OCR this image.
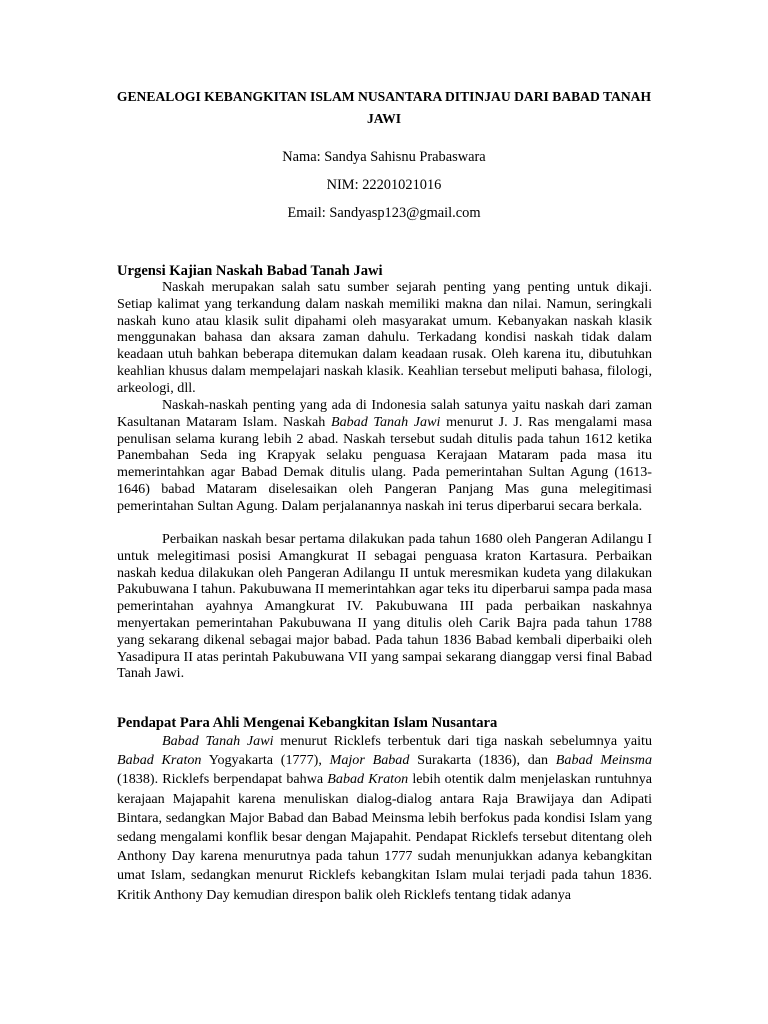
GENEALOGI KEBANGKITAN ISLAM NUSANTARA DITINJAU DARI BABAD TANAH JAWI
Nama: Sandya Sahisnu Prabaswara
NIM: 22201021016
Email: Sandyasp123@gmail.com
Urgensi Kajian Naskah Babad Tanah Jawi

Naskah merupakan salah satu sumber sejarah penting yang penting untuk dikaji. Setiap kalimat yang terkandung dalam naskah memiliki makna dan nilai. Namun, seringkali naskah kuno atau klasik sulit dipahami oleh masyarakat umum. Kebanyakan naskah klasik menggunakan bahasa dan aksara zaman dahulu. Terkadang kondisi naskah tidak dalam keadaan utuh bahkan beberapa ditemukan dalam keadaan rusak. Oleh karena itu, dibutuhkan keahlian khusus dalam mempelajari naskah klasik. Keahlian tersebut meliputi bahasa, filologi, arkeologi, dll.

Naskah-naskah penting yang ada di Indonesia salah satunya yaitu naskah dari zaman Kasultanan Mataram Islam. Naskah Babad Tanah Jawi menurut J. J. Ras mengalami masa penulisan selama kurang lebih 2 abad. Naskah tersebut sudah ditulis pada tahun 1612 ketika Panembahan Seda ing Krapyak selaku penguasa Kerajaan Mataram pada masa itu memerintahkan agar Babad Demak ditulis ulang. Pada pemerintahan Sultan Agung (1613-1646) babad Mataram diselesaikan oleh Pangeran Panjang Mas guna melegitimasi pemerintahan Sultan Agung. Dalam perjalanannya naskah ini terus diperbarui secara berkala.

Perbaikan naskah besar pertama dilakukan pada tahun 1680 oleh Pangeran Adilangu I untuk melegitimasi posisi Amangkurat II sebagai penguasa kraton Kartasura. Perbaikan naskah kedua dilakukan oleh Pangeran Adilangu II untuk meresmikan kudeta yang dilakukan Pakubuwana I tahun. Pakubuwana II memerintahkan agar teks itu diperbarui sampa pada masa pemerintahan ayahnya Amangkurat IV. Pakubuwana III pada perbaikan naskahnya menyertakan pemerintahan Pakubuwana II yang ditulis oleh Carik Bajra pada tahun 1788 yang sekarang dikenal sebagai major babad. Pada tahun 1836 Babad kembali diperbaiki oleh Yasadipura II atas perintah Pakubuwana VII yang sampai sekarang dianggap versi final Babad Tanah Jawi.

Pendapat Para Ahli Mengenai Kebangkitan Islam Nusantara

Babad Tanah Jawi menurut Ricklefs terbentuk dari tiga naskah sebelumnya yaitu Babad Kraton Yogyakarta (1777), Major Babad Surakarta (1836), dan Babad Meinsma (1838). Ricklefs berpendapat bahwa Babad Kraton lebih otentik dalm menjelaskan runtuhnya kerajaan Majapahit karena menuliskan dialog-dialog antara Raja Brawijaya dan Adipati Bintara, sedangkan Major Babad dan Babad Meinsma lebih berfokus pada kondisi Islam yang sedang mengalami konflik besar dengan Majapahit. Pendapat Ricklefs tersebut ditentang oleh Anthony Day karena menurutnya pada tahun 1777 sudah menunjukkan adanya kebangkitan umat Islam, sedangkan menurut Ricklefs kebangkitan Islam mulai terjadi pada tahun 1836. Kritik Anthony Day kemudian direspon balik oleh Ricklefs tentang tidak adanya
